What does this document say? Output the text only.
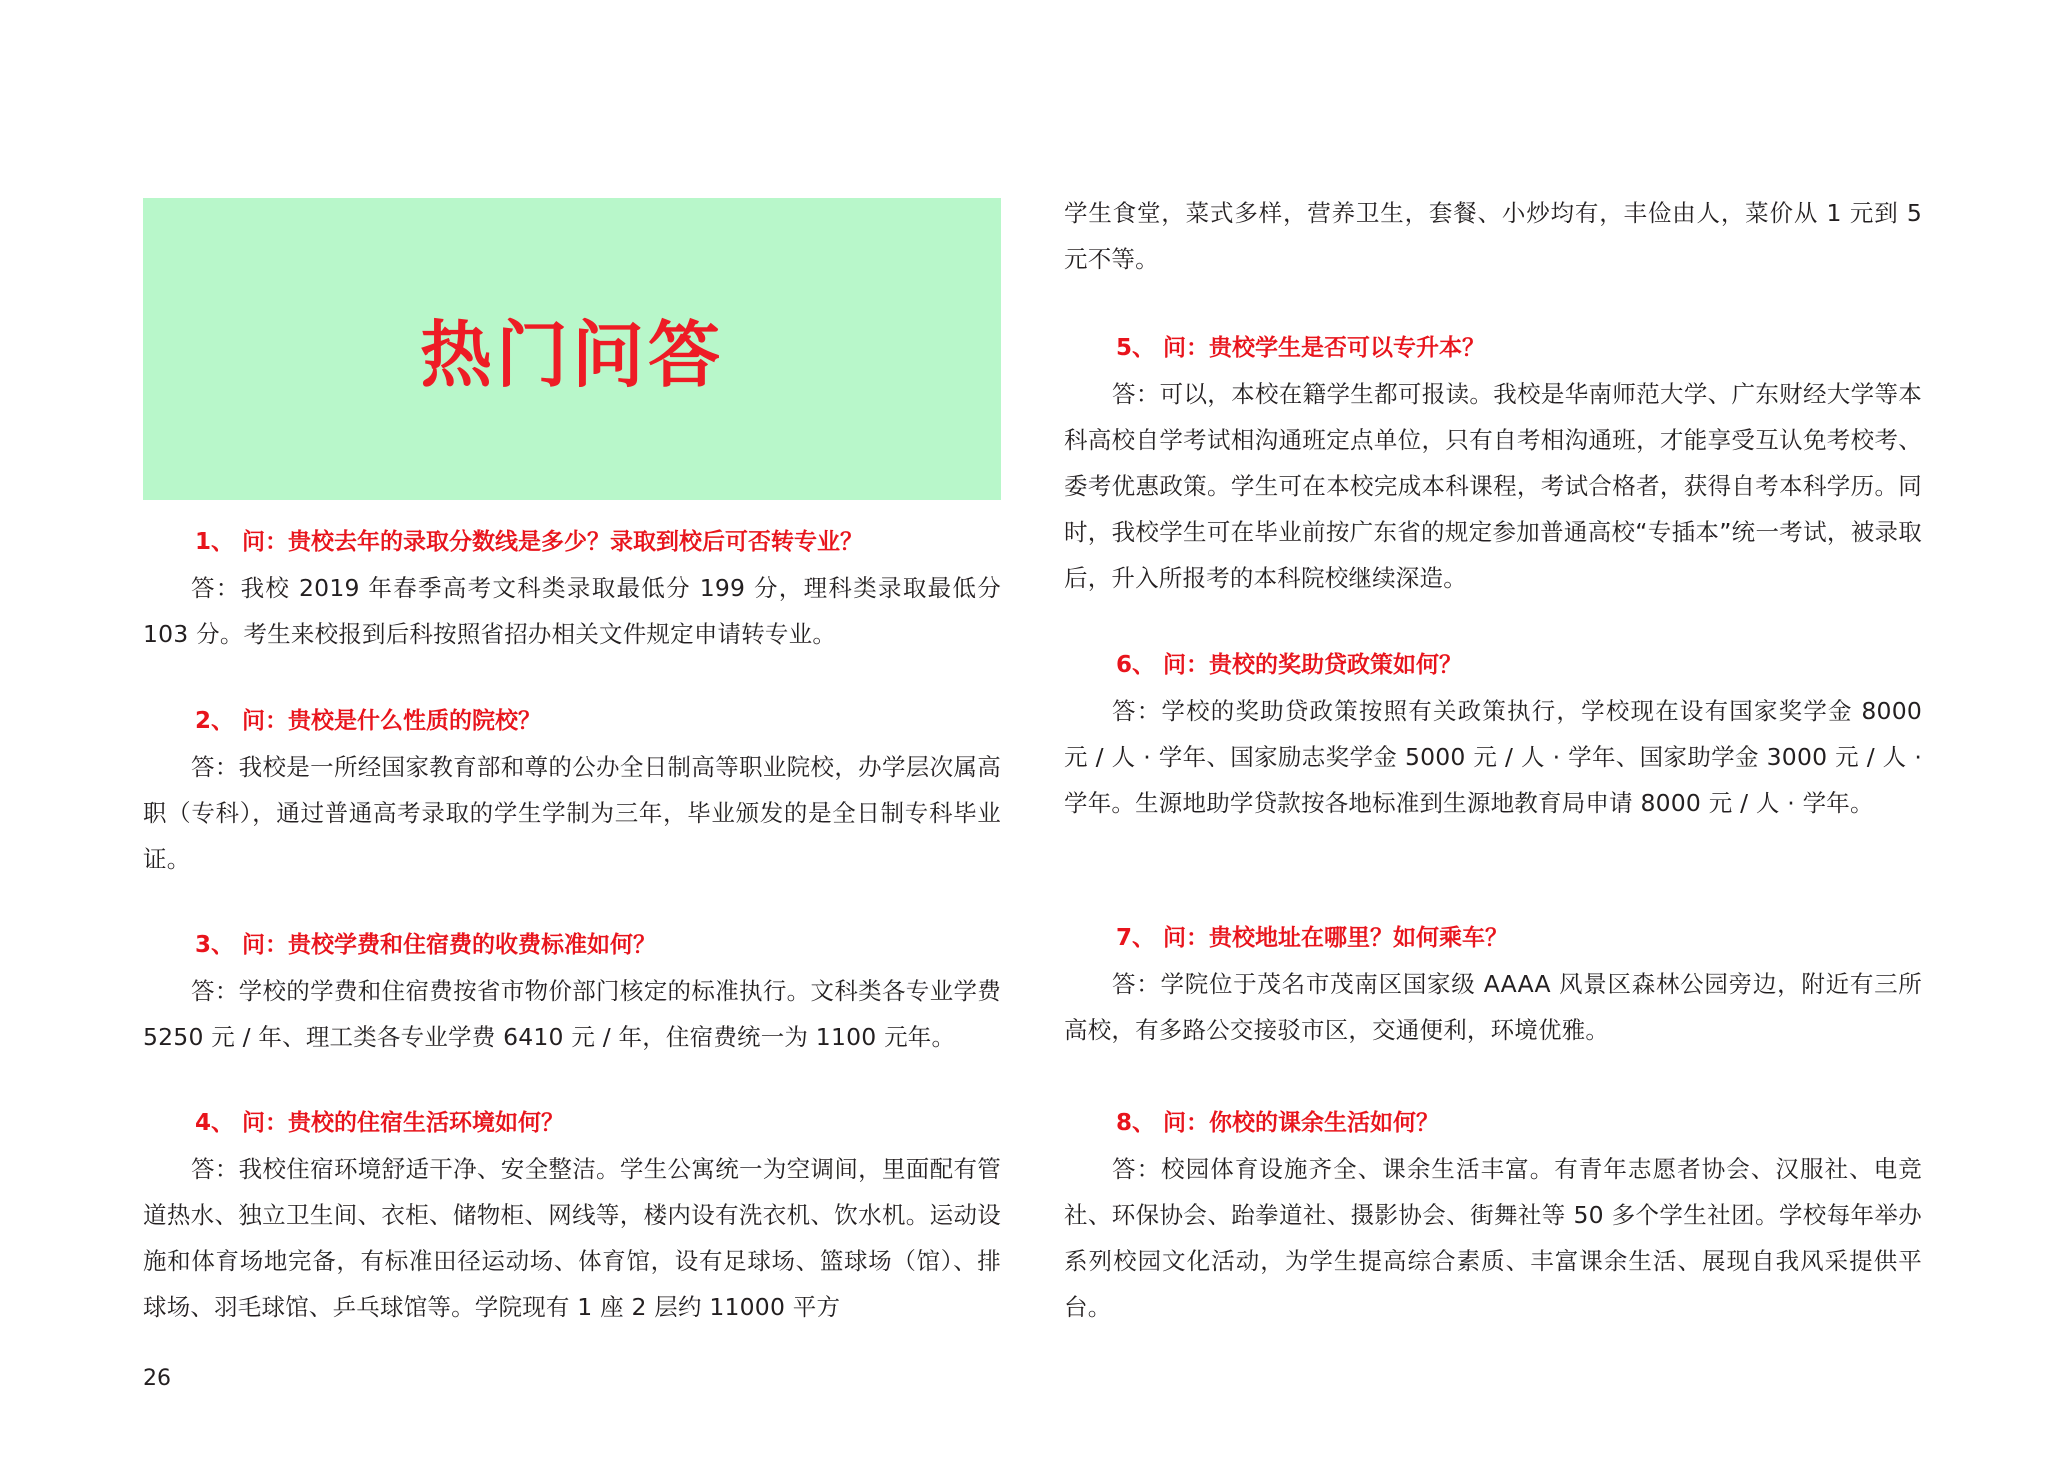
热门问答

1、 问：贵校去年的录取分数线是多少？录取到校后可否转专业？

答：我校 2019 年春季高考文科类录取最低分 199 分，理科类录取最低分 103 分。考生来校报到后科按照省招办相关文件规定申请转专业。

2、 问：贵校是什么性质的院校？

答：我校是一所经国家教育部和尊的公办全日制高等职业院校，办学层次属高职（专科），通过普通高考录取的学生学制为三年，毕业颁发的是全日制专科毕业证。

3、 问：贵校学费和住宿费的收费标准如何？

答：学校的学费和住宿费按省市物价部门核定的标准执行。文科类各专业学费 5250 元 / 年、理工类各专业学费 6410 元 / 年，住宿费统一为 1100 元年。

4、 问：贵校的住宿生活环境如何？

答：我校住宿环境舒适干净、安全整洁。学生公寓统一为空调间，里面配有管道热水、独立卫生间、衣柜、储物柜、网线等，楼内设有洗衣机、饮水机。运动设施和体育场地完备，有标准田径运动场、体育馆，设有足球场、篮球场（馆）、排球场、羽毛球馆、乒乓球馆等。学院现有 1 座 2 层约 11000 平方

26

学生食堂，菜式多样，营养卫生，套餐、小炒均有，丰俭由人，菜价从 1 元到 5 元不等。

5、 问：贵校学生是否可以专升本？

答：可以，本校在籍学生都可报读。我校是华南师范大学、广东财经大学等本科高校自学考试相沟通班定点单位，只有自考相沟通班，才能享受互认免考校考、委考优惠政策。学生可在本校完成本科课程，考试合格者，获得自考本科学历。同时，我校学生可在毕业前按广东省的规定参加普通高校“专插本”统一考试，被录取后，升入所报考的本科院校继续深造。

6、 问：贵校的奖助贷政策如何？

答：学校的奖助贷政策按照有关政策执行，学校现在设有国家奖学金 8000 元 / 人 · 学年、国家励志奖学金 5000 元 / 人 · 学年、国家助学金 3000 元 / 人 · 学年。生源地助学贷款按各地标准到生源地教育局申请 8000 元 / 人 · 学年。

7、 问：贵校地址在哪里？如何乘车？

答：学院位于茂名市茂南区国家级 AAAA 风景区森林公园旁边，附近有三所高校，有多路公交接驳市区，交通便利，环境优雅。

8、 问：你校的课余生活如何？

答：校园体育设施齐全、课余生活丰富。有青年志愿者协会、汉服社、电竞社、环保协会、跆拳道社、摄影协会、街舞社等 50 多个学生社团。学校每年举办系列校园文化活动，为学生提高综合素质、丰富课余生活、展现自我风采提供平台。
